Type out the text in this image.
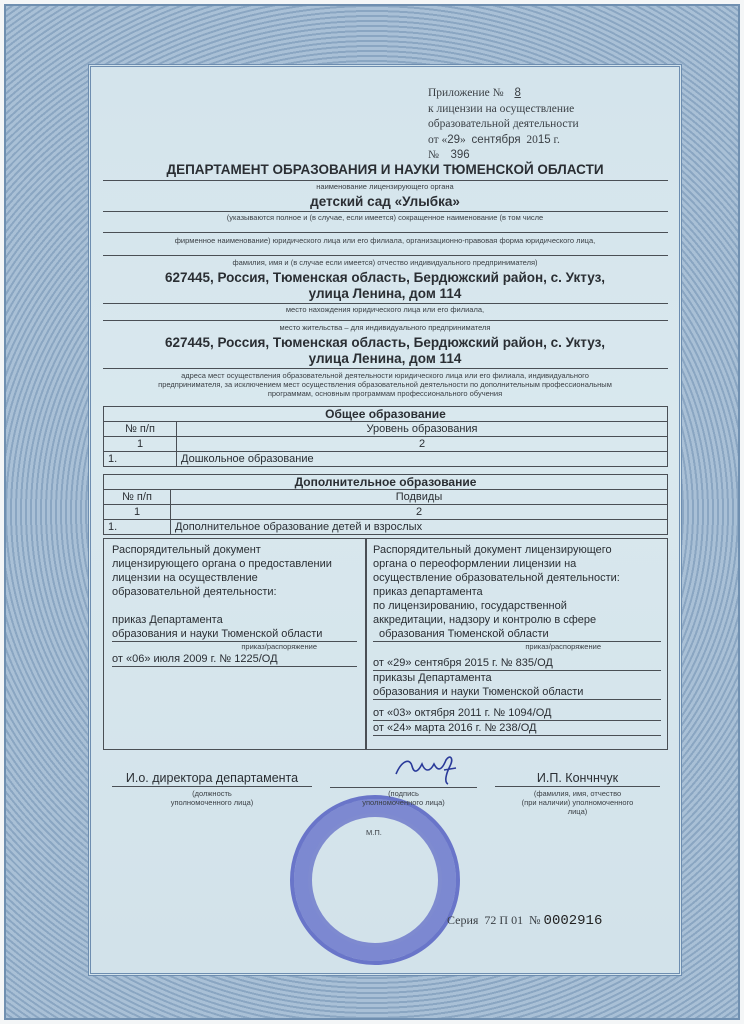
Приложение № 8
к лицензии на осуществление
образовательной деятельности
от «29» сентября 2015 г.
№ 396
ДЕПАРТАМЕНТ ОБРАЗОВАНИЯ И НАУКИ ТЮМЕНСКОЙ ОБЛАСТИ
наименование лицензирующего органа
детский сад «Улыбка»
(указываются полное и (в случае, если имеется) сокращенное наименование (в том числе
фирменное наименование) юридического лица или его филиала, организационно-правовая форма юридического лица,
фамилия, имя и (в случае если имеется) отчество индивидуального предпринимателя)
627445, Россия, Тюменская область, Бердюжский район, с. Уктуз,
улица Ленина, дом 114
место нахождения юридического лица или его филиала,
место жительства – для индивидуального предпринимателя
627445, Россия, Тюменская область, Бердюжский район, с. Уктуз,
улица Ленина, дом 114
адреса мест осуществления образовательной деятельности юридического лица или его филиала, индивидуального
предпринимателя, за исключением мест осуществления образовательной деятельности по дополнительным профессиональным
программам, основным программам профессионального обучения
Общее образование	
№ п/п	Уровень образования
1	2
1.	Дошкольное образование
Дополнительное образование	
№ п/п	Подвиды
1	2
1.	Дополнительное образование детей и взрослых
Распорядительный документ
лицензирующего органа о предоставлении
лицензии на осуществление
образовательной деятельности:
приказ Департамента
образования и науки Тюменской области
приказ/распоряжение
от «06» июля 2009 г. № 1225/ОД
Распорядительный документ лицензирующего
органа о переоформлении лицензии на
осуществление образовательной деятельности:
приказ департамента
по лицензированию, государственной
аккредитации, надзору и контролю в сфере
образования Тюменской области
приказ/распоряжение
от «29» сентября 2015 г. № 835/ОД
приказы Департамента
образования и науки Тюменской области
от «03» октября 2011 г. № 1094/ОД
от «24» марта 2016 г. № 238/ОД
И.о. директора департамента
(должность
уполномоченного лица)
(подпись
уполномоченного лица)
И.П. Кончнчук
(фамилия, имя, отчество
(при наличии) уполномоченного
лица)
М.П.
Серия 72 П 01 № 0002916
